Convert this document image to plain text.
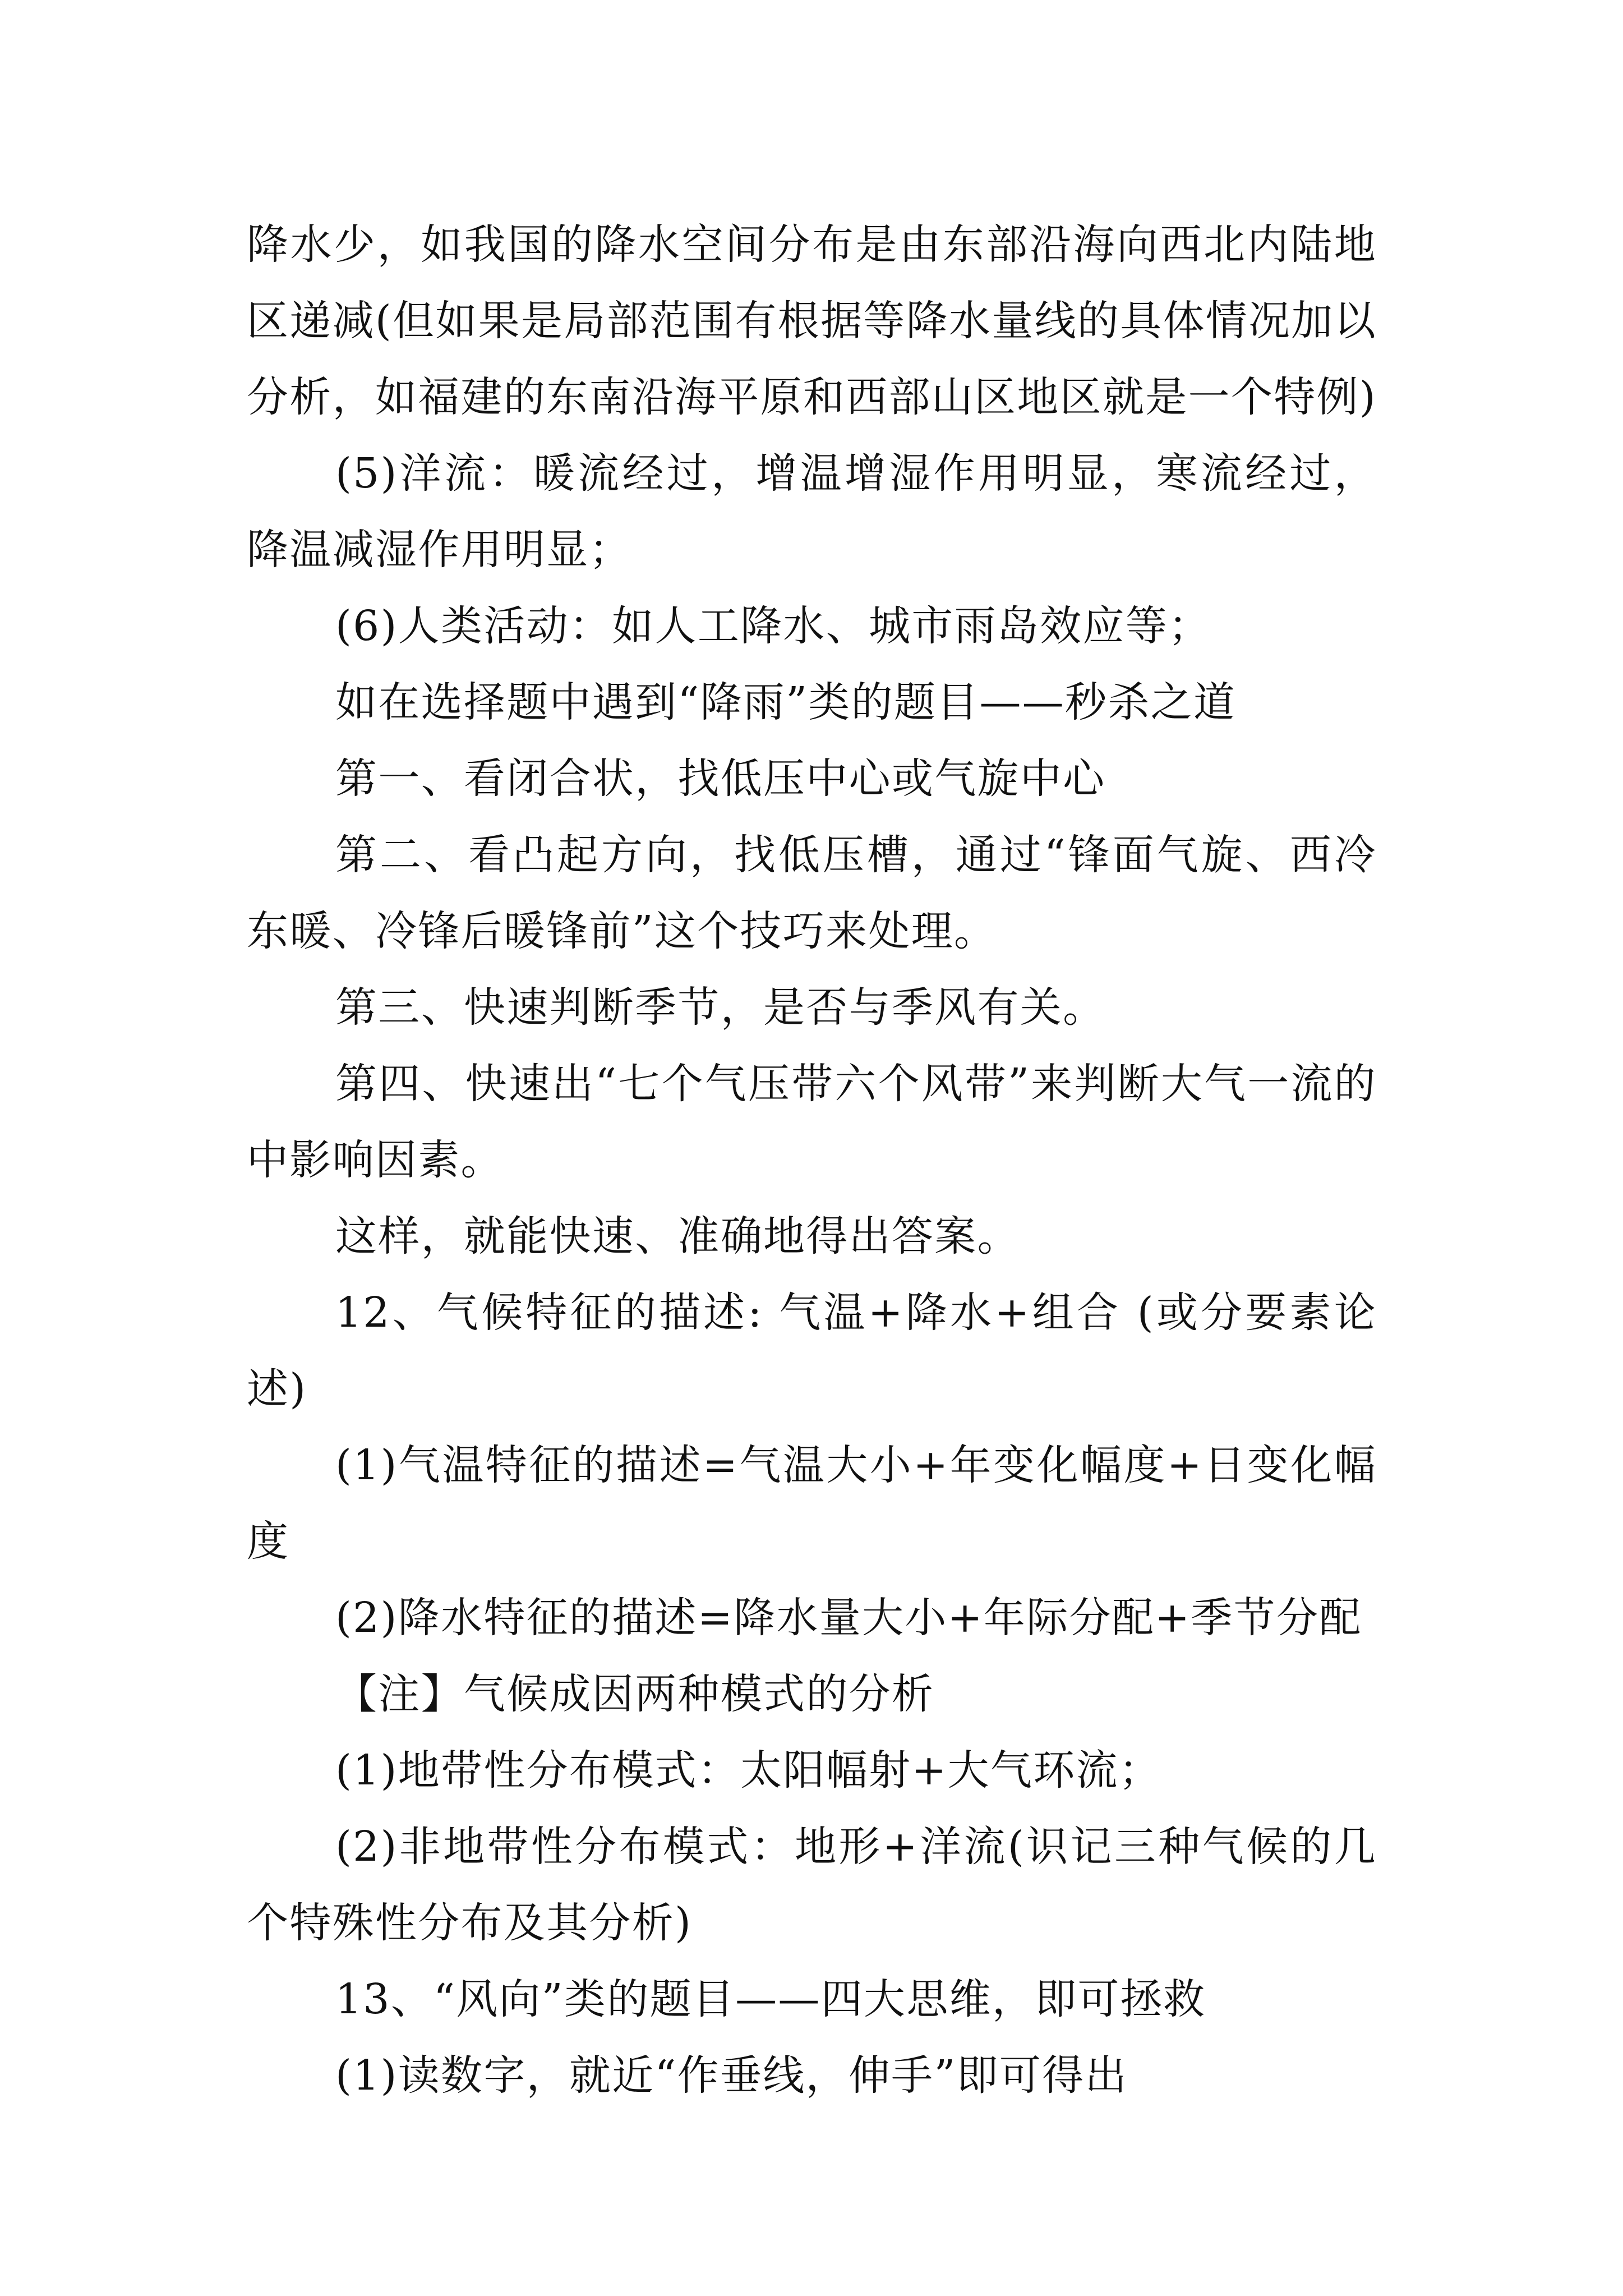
降水少，如我国的降水空间分布是由东部沿海向西北内陆地区递减(但如果是局部范围有根据等降水量线的具体情况加以分析，如福建的东南沿海平原和西部山区地区就是一个特例)

(5)洋流：暖流经过，增温增湿作用明显，寒流经过，降温减湿作用明显；

(6)人类活动：如人工降水、城市雨岛效应等；

如在选择题中遇到“降雨”类的题目——秒杀之道

第一、看闭合状，找低压中心或气旋中心

第二、看凸起方向，找低压槽，通过“锋面气旋、西冷东暖、冷锋后暖锋前”这个技巧来处理。

第三、快速判断季节，是否与季风有关。

第四、快速出“七个气压带六个风带”来判断大气一流的中影响因素。

这样，就能快速、准确地得出答案。

12、气候特征的描述: 气温+降水+组合 (或分要素论述)

(1)气温特征的描述=气温大小+年变化幅度+日变化幅度

(2)降水特征的描述=降水量大小+年际分配+季节分配

【注】气候成因两种模式的分析

(1)地带性分布模式：太阳幅射+大气环流；

(2)非地带性分布模式：地形+洋流(识记三种气候的几个特殊性分布及其分析)

13、“风向”类的题目——四大思维，即可拯救

(1)读数字，就近“作垂线，伸手”即可得出
